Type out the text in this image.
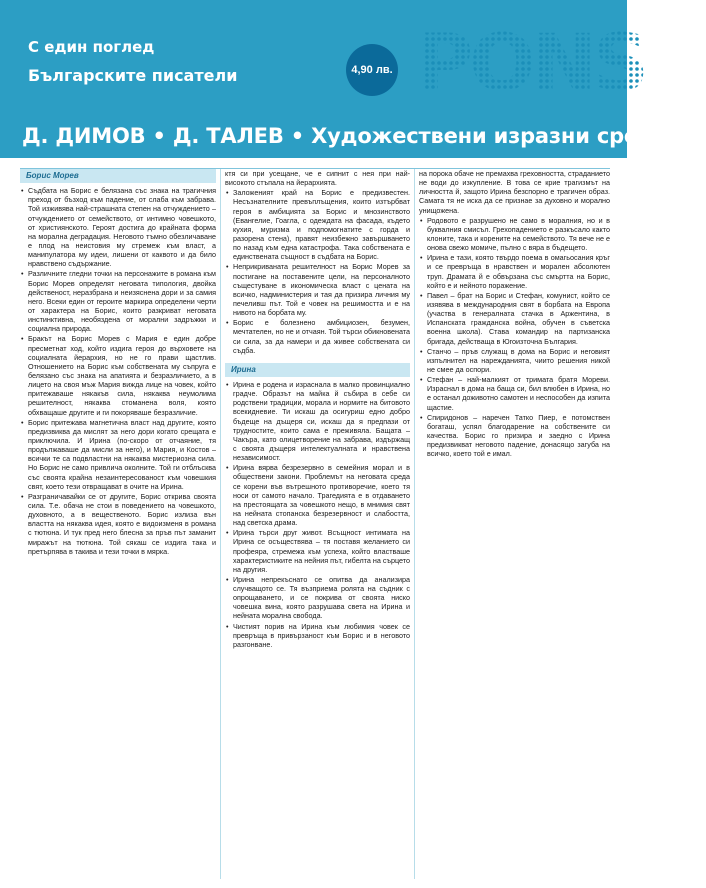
С един поглед
Българските писатели	4,90 лв. PONS
Д. ДИМОВ • Д. ТАЛЕВ • Художествени изразни средства
Борис Морев
• Съдбата на Борис е белязана със знака на трагичния преход от бъзход към падение, от слаба към забрава. Той изживява най-страшната степен на отчуждението – отчуждението от семейството, от интимно човешкото, от християнското. Героят достига до крайната форма на морална деградация. Неговото тъмно обезличаване е плод на неистовия му стремеж към власт, а манипулатора му идеи, лишени от каквото и да било нравствено съдържание.
• Различните гледни точки на персонажите в романа към Борис Морев определят неговата типология, двойка действеност, неразбрана и неизяснена дори и за самия него. Всеки един от героите маркира определени черти от характера на Борис, които разкриват неговата инстинктивна, необяздена от морални задръжки и социална природа.
• Бракът на Борис Морев с Мария е един добре пресметнат ход, който издига героя до върховете на социалната йерархия, но не го прави щастлив. Отношението на Борис към собствената му съпруга е белязано със знака на апатията и безразличието, а в лицето на своя мъж Мария вижда лице на човек, който притежаваше някакъв сила, някаква неумолима решителност, някаква стоманена воля, която обхващаше другите и ги покоряваше безразличие.
• Борис притежава магнетична власт над другите, която предизвиква да мислят за него дори когато срещата е приключила. И Ирина (по-скоро от отчаяние, тя продължаваше да мисли за него), и Мария, и Костов – всички те са подвластни на някаква мистериозна сила. Но Борис не само привлича околните. Той ги отблъсква със своята крайна незаинтересованост към човешкия свят, което тези отвращават в очите на Ирина.
• Разграничавайки се от другите, Борис открива своята сила. Т.е. обача не стои в поведението на човешкото, духовното, а в вещественото. Борис излиза вън властта на някаква идея, която е видоизменя в романа с тютюна. И тук пред него блесна за пръв път заманит миражът на тютюна. Той сякаш се издига така и претърпява в такива и тези точки в мярка.
ктя си при усещане, че е сипнит с нея при най-високото стъпала на йерархията.
• Заложеният край на Борис е предизвестен. Несъзнателните превъплъщения, които изтърбват героя в амбицията за Борис и мнозинството (Евангелие, Гоагла, с одеждата на фасада, където кухия, муризма и подпомогнатите с горда и разорена стена), правят неизбежно завършването по назад към една катастрофа. Така собствената е единствената същност в съдбата на Борис.
• Неприкриваната решителност на Борис Морев за постигане на поставените цели, на персоналното същестуване в икономическа власт с цената на всичко, надминистерия и тая да призира личния му печеливш път. Той е човек на решимостта и е на нивото на борбата му.
• Борис е болезнено амбициозен, безумен, мечтателен, но не и отчаян. Той търси обикновената си сила, за да намери и да живее собствената си съдба.
Ирина
• Ирина е родена и израснала в малко провинциално градче. Образът на майка й събира в себе си родствени традиции, морала и нормите на битовото всекидневие. Ти искаш да осигуриш едно добро бъдеще на дъщеря си, искаш да я предпази от трудностите, които сама е преживяла. Бащата – Чакъра, като олицетворение на забрава, издържащ с своята дъщеря интелектуалната и нравствена независимост.
• Ирина вярва безрезервно в семейния морал и в обществени закони. Проблемът на неговата среда се корени във вътрешното противоречие, което тя носи от самото начало. Трагедията е в отдаването на престоящата за човешкото нещо, в мнимия свят на нейната стопанска безрезервност и слабостта, над светска драма.
• Ирина търси друг живот. Всъщност интимата на Ирина се осъществява – тя поставя желанието си профеяра, стремежа към успеха, който властваше характеристиките на нейния път, гибелта на сърцето на другия.
• Ирина непрекъснато се опитва да анализира случващото се. Тя възприема ролята на съдник с опрощаването, и се покрива от своята ниско човешка вина, която разрушава света на Ирина и нейната морална свобода.
• Чистият порив на Ирина към любимия човек се превръща в привързаност към Борис и в неговото разгонване.
на порока обаче не премахва греховността, страданието не води до изкупление. В това се крие трагизмът на личността й, защото Ирина безспорно е трагичен образ. Самата тя не иска да се признае за духовно и морално унищожена.
• Родовото е разрушено не само в моралния, но и в буквалния смисъл. Грехопадението е разкъсало както клоните, така и корените на семейството. Тя вече не е онова свежо момиче, пълно с вяра в бъдещето.
• Ирина е тази, която твърдо поема в омагьосания кръг и се превръща в нравствен и морален абсолютен труп. Драмата й е обвързана със смъртта на Борис, който е и нейното поражение.
• Павел – брат на Борис и Стефан, комунист, който се изявява в международния свят в борбата на Европа (участва в генералната стачка в Аржентина, в Испанската гражданска война, обучен в съветска военна школа). Става командир на партизанска бригада, действаща в Югоизточна България.
• Станчо – пръв служащ в дома на Борис и неговият изпълнител на нарежданията, чиито решения никой не смее да оспори.
• Стефан – най-малкият от тримата братя Мореви. Израснал в дома на баща си, бил влюбен в Ирина, но е останал доживотно самотен и неспособен да изпита щастие.
• Спиридонов – наречен Татко Пиер, е потомствен богаташ, успял благодарение на собствените си качества. Борис го призира и заедно с Ирина предизвикват неговото падение, донасящо загуба на всичко, което той е имал.
